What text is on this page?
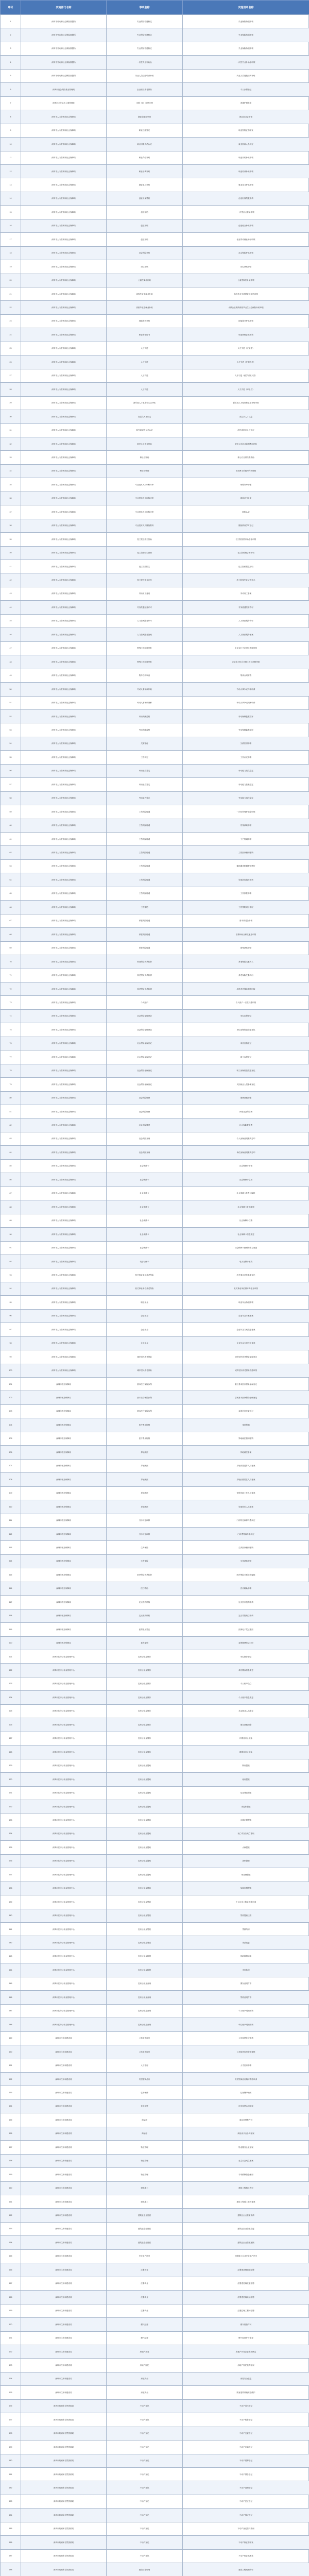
序号	实施部门名称	事项名称	实施清单名称
1	深圳市劳动和社会保险数据所	失业保险待遇核定	失业保险待遇申领
2	深圳市劳动和社会保险数据所	失业保险待遇核定	失业保险待遇申领
3	深圳市劳动和社会保险数据所	失业保险待遇核定	失业保险待遇申领
4	深圳市劳动和社会保险数据所	一次性失业补助金	一次性失业补助金申领
5	深圳市劳动和社会保险数据所	失业人员技能培训补贴	失业人员技能培训补贴
6	深圳市社会保险基金管理局	企业职工养老保险	个人参保登记
7	深圳市公安局出入境管理处	出国（境）证件办理	普通护照签发
8	深圳市人力资源和社会保障局	就业创业证申领	就业创业证申领
9	深圳市人力资源和社会保障局	职业技能鉴定	职业资格证书补发
10	深圳市人力资源和社会保障局	就业困难人员认定	就业困难人员认定
11	深圳市人力资源和社会保障局	职业介绍补贴	职业介绍补贴申领
12	深圳市人力资源和社会保障局	职业培训补贴	职业培训补贴申领
13	深圳市人力资源和社会保障局	就业见习补贴	就业见习补贴申领
14	深圳市人力资源和社会保障局	创业担保贷款	创业担保贷款申请
15	深圳市人力资源和社会保障局	创业补贴	一次性创业资助申领
16	深圳市人力资源和社会保障局	创业补贴	创业租金补贴申领
17	深圳市人力资源和社会保障局	创业补贴	创业带动就业补贴申领
18	深圳市人力资源和社会保障局	社会保险补贴	社会保险补贴申领
19	深圳市人力资源和社会保障局	岗位补贴	岗位补贴申领
20	深圳市人力资源和社会保障局	公益性岗位补贴	公益性岗位补贴申领
21	深圳市人力资源和社会保障局	高校毕业生就业补贴	高校毕业生基层就业补贴申领
22	深圳市人力资源和社会保障局	高校毕业生就业补贴	小微企业吸纳高校毕业生社会保险补贴申领
23	深圳市人力资源和社会保障局	技能提升补贴	技能提升补贴申领
24	深圳市人力资源和社会保障局	职业资格证书	职业资格证书查询
25	深圳市人力资源和社会保障局	人才引进	人才引进（应届生）
26	深圳市人力资源和社会保障局	人才引进	人才引进（在职人才）
27	深圳市人力资源和社会保障局	人才引进	人才引进（留学回国人员）
28	深圳市人力资源和社会保障局	人才引进	人才引进（博士后）
29	深圳市人力资源和社会保障局	新引进人才租房和生活补贴	新引进人才租房和生活补贴申领
30	深圳市人力资源和社会保障局	高层次人才认定	高层次人才认定
31	深圳市人力资源和社会保障局	海外高层次人才认定	海外高层次人才认定
32	深圳市人力资源和社会保障局	留学人员创业资助	留学人员创业前期费用补贴
33	深圳市人力资源和社会保障局	博士后资助	博士后日常经费资助
34	深圳市人力资源和社会保障局	博士后资助	出站博士后留深科研资助
35	深圳市人力资源和社会保障局	专业技术人员职称评审	职称评审申报
36	深圳市人力资源和社会保障局	专业技术人员职称评审	职称证书补发
37	深圳市人力资源和社会保障局	专业技术人员职称评审	职称认定
38	深圳市人力资源和社会保障局	专业技术人员继续教育	继续教育学时登记
39	深圳市人力资源和社会保障局	技工院校学生资助	技工院校国家助学金申领
40	深圳市人力资源和社会保障局	技工院校学生资助	技工院校免学费申领
41	深圳市人力资源和社会保障局	技工院校招生	技工院校招生录取
42	深圳市人力资源和社会保障局	技工院校毕业证书	技工院校毕业证书补办
43	深圳市人力资源和社会保障局	劳动用工备案	劳动用工备案
44	深圳市人力资源和社会保障局	劳务派遣经营许可	劳务派遣经营许可
45	深圳市人力资源和社会保障局	人力资源服务许可	人力资源服务许可
46	深圳市人力资源和社会保障局	人力资源服务备案	人力资源服务备案
47	深圳市人力资源和社会保障局	特殊工时制度审批	企业实行不定时工作制审批
48	深圳市人力资源和社会保障局	特殊工时制度审批	企业实行综合计算工时工作制审批
49	深圳市人力资源和社会保障局	集体合同审查	集体合同审查
50	深圳市人力资源和社会保障局	劳动人事争议仲裁	劳动人事争议仲裁申请
51	深圳市人力资源和社会保障局	劳动人事争议调解	劳动人事争议调解申请
52	深圳市人力资源和社会保障局	劳动保障监察	劳动保障监察投诉
53	深圳市人力资源和社会保障局	劳动保障监察	劳动保障监察举报
54	深圳市人力资源和社会保障局	欠薪垫付	欠薪垫付申请
55	深圳市人力资源和社会保障局	工伤认定	工伤认定申请
56	深圳市人力资源和社会保障局	劳动能力鉴定	劳动能力初次鉴定
57	深圳市人力资源和社会保障局	劳动能力鉴定	劳动能力复查鉴定
58	深圳市人力资源和社会保障局	劳动能力鉴定	劳动能力再次鉴定
59	深圳市人力资源和社会保障局	工伤保险待遇	一次性伤残补助金申领
60	深圳市人力资源和社会保障局	工伤保险待遇	伤残津贴申领
61	深圳市人力资源和社会保障局	工伤保险待遇	工亡待遇申领
62	深圳市人力资源和社会保障局	工伤保险待遇	工伤医疗费用报销
63	深圳市人力资源和社会保障局	工伤保险待遇	辅助器具配置费用核付
64	深圳市人力资源和社会保障局	工伤保险待遇	异地居住就医申请
65	深圳市人力资源和社会保障局	工伤保险待遇	工伤康复申请
66	深圳市人力资源和社会保障局	工伤预防	工伤预防项目申报
67	深圳市人力资源和社会保障局	养老保险待遇	基本养老金申领
68	深圳市人力资源和社会保障局	养老保险待遇	丧葬补助金和抚恤金申领
69	深圳市人力资源和社会保障局	养老保险待遇	病残津贴申领
70	深圳市人力资源和社会保障局	养老保险关系转移	养老保险关系转入
71	深圳市人力资源和社会保障局	养老保险关系转移	养老保险关系转出
72	深圳市人力资源和社会保障局	养老保险关系转移	城乡养老保险制度衔接
73	深圳市人力资源和社会保障局	个人账户	个人账户一次性待遇申领
74	深圳市人力资源和社会保障局	社会保险参保登记	单位参保登记
75	深圳市人力资源和社会保障局	社会保险参保登记	单位参保信息变更登记
76	深圳市人力资源和社会保障局	社会保险参保登记	单位注销登记
77	深圳市人力资源和社会保障局	社会保险参保登记	职工参保登记
78	深圳市人力资源和社会保障局	社会保险参保登记	职工参保信息变更登记
79	深圳市人力资源和社会保障局	社会保险参保登记	灵活就业人员参保登记
80	深圳市人力资源和社会保障局	社会保险缴费	缴费基数申报
81	深圳市人力资源和社会保障局	社会保险缴费	补缴社会保险费
82	深圳市人力资源和社会保障局	社会保险缴费	社会保险费退费
83	深圳市人力资源和社会保障局	社会保险查询	个人参保证明查询打印
84	深圳市人力资源和社会保障局	社会保险查询	单位参保证明查询打印
85	深圳市人力资源和社会保障局	社会保障卡	社会保障卡申领
86	深圳市人力资源和社会保障局	社会保障卡	社会保障卡启用
87	深圳市人力资源和社会保障局	社会保障卡	社会保障卡挂失与解挂
88	深圳市人力资源和社会保障局	社会保障卡	社会保障卡补领换领
89	深圳市人力资源和社会保障局	社会保障卡	社会保障卡注销
90	深圳市人力资源和社会保障局	社会保障卡	社会保障卡信息变更
91	深圳市人力资源和社会保障局	社会保障卡	社会保障卡密码修改与重置
92	深圳市人力资源和社会保障局	电子社保卡	电子社保卡签发
93	深圳市人力资源和社会保障局	机关事业单位养老保险	机关事业单位参保登记
94	深圳市人力资源和社会保障局	机关事业单位养老保险	机关事业单位基本养老金申领
95	深圳市人力资源和社会保障局	职业年金	职业年金待遇申领
96	深圳市人力资源和社会保障局	企业年金	企业年金方案备案
97	深圳市人力资源和社会保障局	企业年金	企业年金方案变更备案
98	深圳市人力资源和社会保障局	企业年金	企业年金方案终止备案
99	深圳市人力资源和社会保障局	城乡居民养老保险	城乡居民养老保险参保登记
100	深圳市人力资源和社会保障局	城乡居民养老保险	城乡居民养老保险待遇申领
101	深圳市医疗保障局	基本医疗保险参保	职工基本医疗保险参保登记
102	深圳市医疗保障局	基本医疗保险参保	居民基本医疗保险参保登记
103	深圳市医疗保障局	基本医疗保险参保	参保信息变更登记
104	深圳市医疗保障局	医疗费用报销	零星报销
105	深圳市医疗保障局	医疗费用报销	异地就医费用报销
106	深圳市医疗保障局	异地就医	异地就医备案
107	深圳市医疗保障局	异地就医	异地安置退休人员备案
108	深圳市医疗保障局	异地就医	异地长期居住人员备案
109	深圳市医疗保障局	异地就医	常驻异地工作人员备案
110	深圳市医疗保障局	异地就医	异地转诊人员备案
111	深圳市医疗保障局	门诊特定病种	门诊特定病种待遇认定
112	深圳市医疗保障局	门诊特定病种	门诊慢性病待遇认定
113	深圳市医疗保障局	生育保险	生育医疗费用报销
114	深圳市医疗保障局	生育保险	生育津贴申领
115	深圳市医疗保障局	医疗保险关系转移	医疗保险关系转移接续
116	深圳市医疗保障局	医疗救助	医疗救助申请
117	深圳市医疗保障局	定点医药机构	定点医疗机构申请
118	深圳市医疗保障局	定点医药机构	定点零售药店申请
119	深圳市医疗保障局	医保电子凭证	医保电子凭证激活
120	深圳市医疗保障局	参保证明	参保缴费凭证打印
121	深圳市住房公积金管理中心	住房公积金缴存	单位缴存登记
122	深圳市住房公积金管理中心	住房公积金缴存	单位缴存信息变更
123	深圳市住房公积金管理中心	住房公积金缴存	个人账户设立
124	深圳市住房公积金管理中心	住房公积金缴存	个人账户信息变更
125	深圳市住房公积金管理中心	住房公积金缴存	灵活就业人员缴存
126	深圳市住房公积金管理中心	住房公积金缴存	缴存基数调整
127	深圳市住房公积金管理中心	住房公积金缴存	补缴住房公积金
128	深圳市住房公积金管理中心	住房公积金缴存	缓缴住房公积金
129	深圳市住房公积金管理中心	住房公积金提取	购房提取
130	深圳市住房公积金管理中心	住房公积金提取	租房提取
131	深圳市住房公积金管理中心	住房公积金提取	偿还贷款提取
132	深圳市住房公积金管理中心	住房公积金提取	离退休提取
133	深圳市住房公积金管理中心	住房公积金提取	出境定居提取
134	深圳市住房公积金管理中心	住房公积金提取	死亡或宣告死亡提取
135	深圳市住房公积金管理中心	住房公积金提取	大病提取
136	深圳市住房公积金管理中心	住房公积金提取	离职提取
137	深圳市住房公积金管理中心	住房公积金提取	物业费提取
138	深圳市住房公积金管理中心	住房公积金提取	加装电梯提取
139	深圳市住房公积金管理中心	住房公积金贷款	个人住房公积金贷款申请
140	深圳市住房公积金管理中心	住房公积金贷款	贷款提前还款
141	深圳市住房公积金管理中心	住房公积金贷款	贷款结清
142	深圳市住房公积金管理中心	住房公积金贷款	贷款变更
143	深圳市住房公积金管理中心	住房公积金转移	异地转移接续
144	深圳市住房公积金管理中心	住房公积金转移	市内转移
145	深圳市住房公积金管理中心	住房公积金查询	缴存证明打印
146	深圳市住房公积金管理中心	住房公积金查询	贷款证明打印
147	深圳市住房公积金管理中心	住房公积金查询	个人账户明细查询
148	深圳市住房公积金管理中心	住房公积金查询	单位账户明细查询
149	深圳市住房和建设局	公共租赁住房	公共租赁住房申请
150	深圳市住房和建设局	公共租赁住房	公共租赁住房资格复核
151	深圳市住房和建设局	人才住房	人才住房申请
152	深圳市住房和建设局	安居型商品房	安居型商品房购房资格申请
153	深圳市住房和建设局	住房保障	住房保障轮候
154	深圳市住房和建设局	住房租赁	住房租赁合同备案
155	深圳市住房和建设局	商品房	商品房预售许可
156	深圳市住房和建设局	商品房	商品房买卖合同备案
157	深圳市住房和建设局	物业管理	物业服务企业备案
158	深圳市住房和建设局	物业管理	业主大会成立备案
159	深圳市住房和建设局	物业管理	专项维修资金使用
160	深圳市住房和建设局	建筑施工	建筑工程施工许可
161	深圳市住房和建设局	建筑施工	建设工程竣工验收备案
162	深圳市住房和建设局	建筑业企业资质	建筑业企业资质申请
163	深圳市住房和建设局	建筑业企业资质	建筑业企业资质变更
164	深圳市住房和建设局	建筑业企业资质	建筑业企业资质延续
165	深圳市住房和建设局	安全生产许可	建筑施工企业安全生产许可
166	深圳市住房和建设局	注册执业	注册建造师初始注册
167	深圳市住房和建设局	注册执业	注册建造师变更注册
168	深圳市住房和建设局	注册执业	注册建造师延续注册
169	深圳市住房和建设局	注册执业	注册监理工程师注册
170	深圳市住房和建设局	燃气经营	燃气经营许可
171	深圳市住房和建设局	燃气经营	燃气经营许可变更
172	深圳市住房和建设局	房地产开发	房地产开发企业资质核定
173	深圳市住房和建设局	房地产经纪	房地产经纪机构备案
174	深圳市住房和建设局	房屋安全	房屋安全鉴定
175	深圳市住房和建设局	房屋安全	既有建筑幕墙安全维护
176	深圳市规划和自然资源局	不动产登记	不动产首次登记
177	深圳市规划和自然资源局	不动产登记	不动产转移登记
178	深圳市规划和自然资源局	不动产登记	不动产变更登记
179	深圳市规划和自然资源局	不动产登记	不动产注销登记
180	深圳市规划和自然资源局	不动产登记	不动产抵押登记
181	深圳市规划和自然资源局	不动产登记	不动产预告登记
182	深圳市规划和自然资源局	不动产登记	不动产查封登记
183	深圳市规划和自然资源局	不动产登记	不动产更正登记
184	深圳市规划和自然资源局	不动产登记	不动产异议登记
185	深圳市规划和自然资源局	不动产登记	不动产登记资料查询
186	深圳市规划和自然资源局	不动产登记	不动产权证书补发
187	深圳市规划和自然资源局	不动产登记	不动产权证书换发
188	深圳市规划和自然资源局	建设工程规划	建设工程规划许可
